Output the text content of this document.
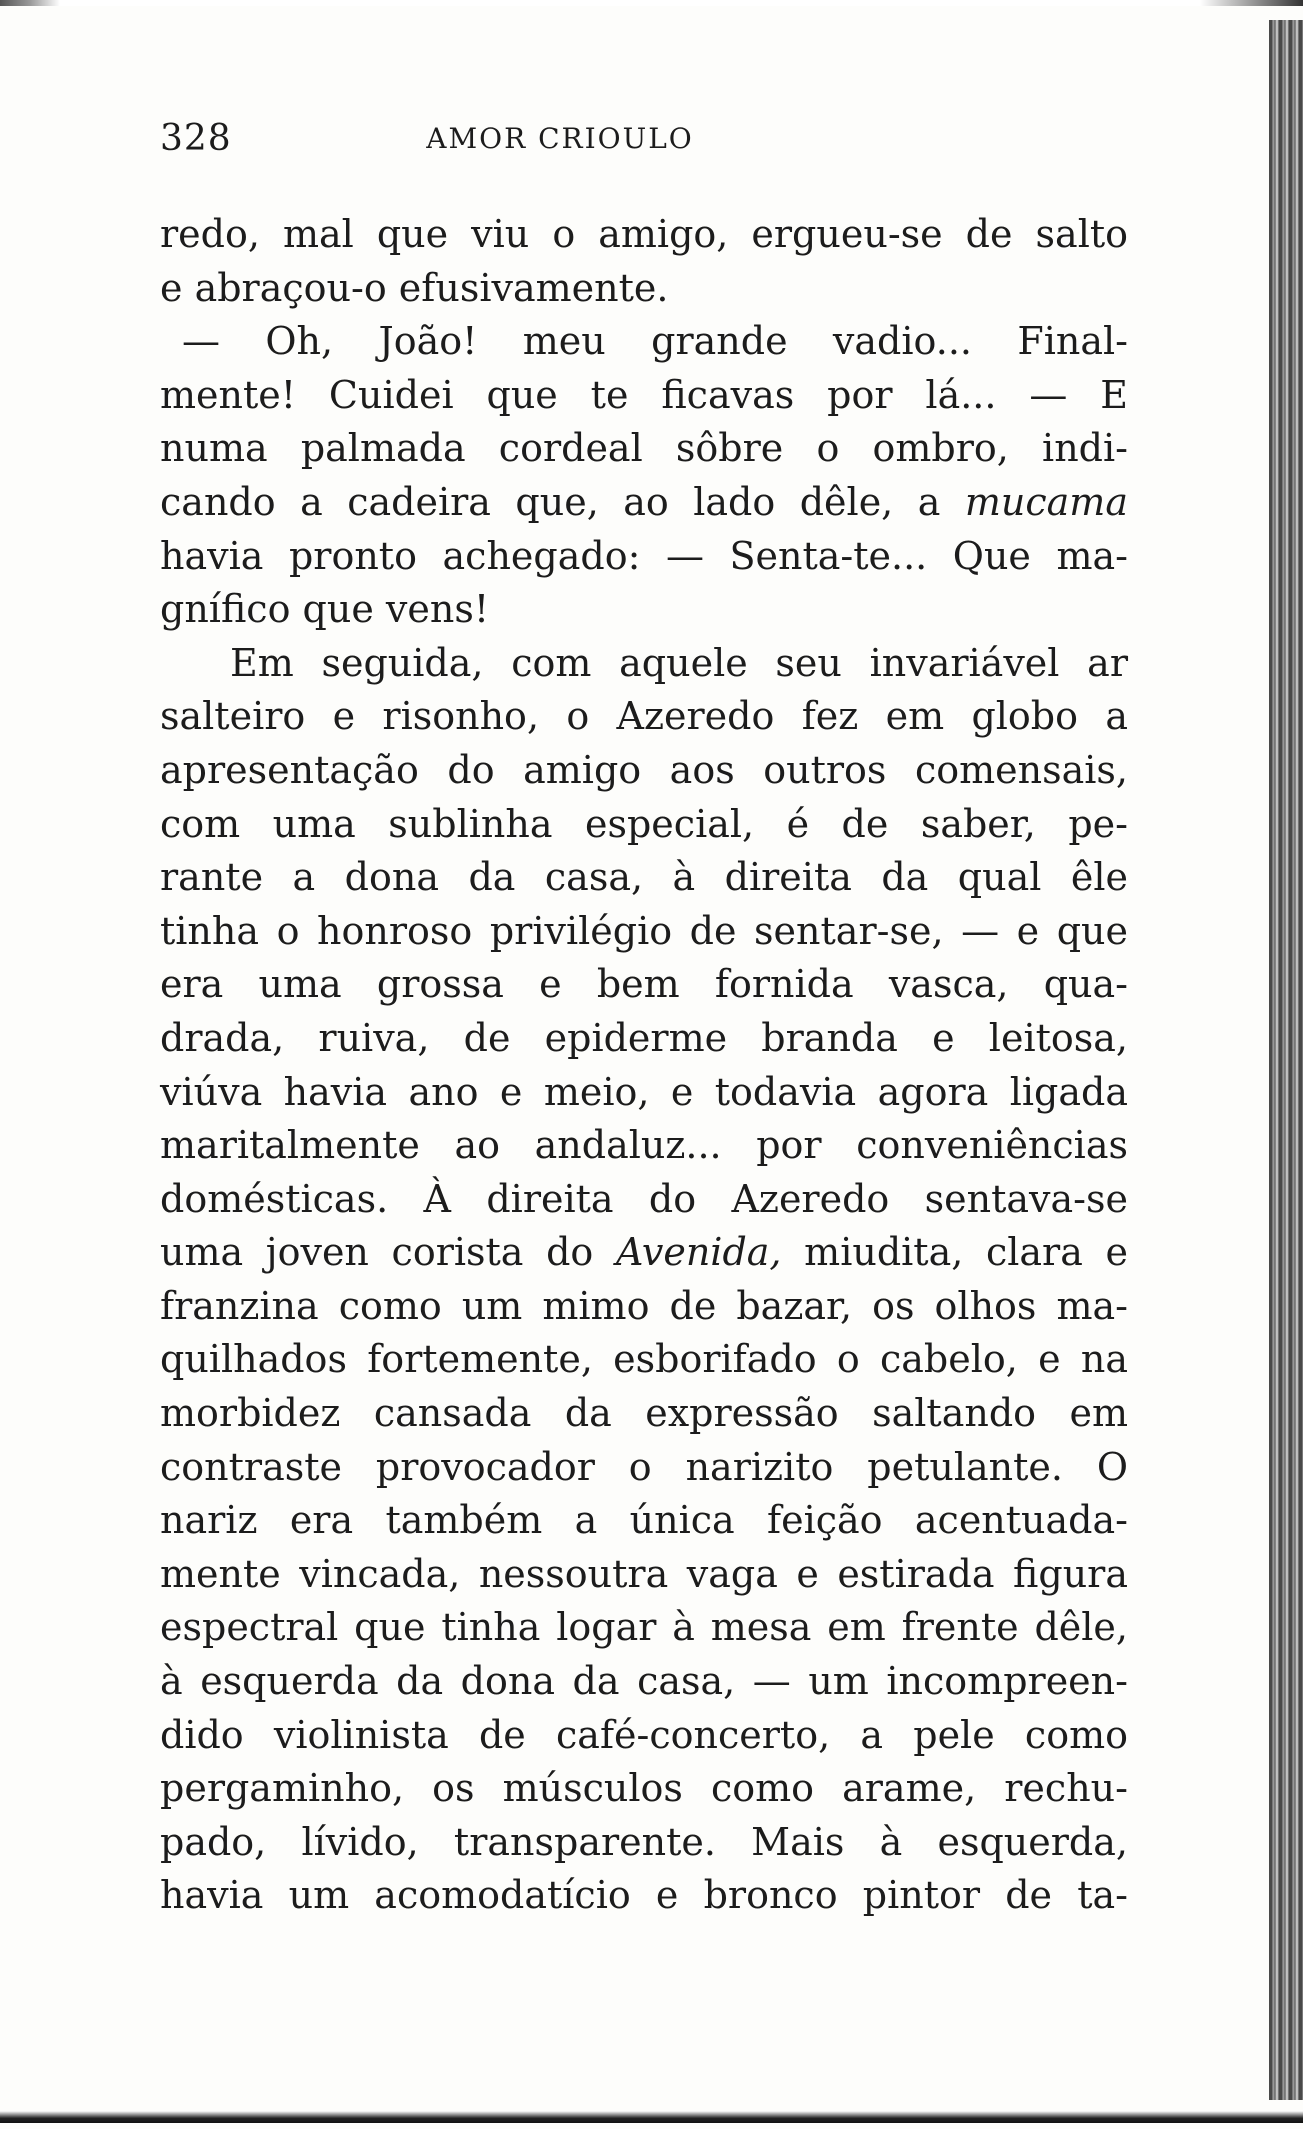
328	AMOR CRIOULO
redo, mal que viu o amigo, ergueu-se de salto
e abraçou-o efusivamente.
— Oh, João! meu grande vadio... Final-
mente! Cuidei que te ficavas por lá... — E
numa palmada cordeal sôbre o ombro, indi-
cando a cadeira que, ao lado dêle, a mucama
havia pronto achegado: — Senta-te... Que ma-
gnífico que vens!
Em seguida, com aquele seu invariável ar
salteiro e risonho, o Azeredo fez em globo a
apresentação do amigo aos outros comensais,
com uma sublinha especial, é de saber, pe-
rante a dona da casa, à direita da qual êle
tinha o honroso privilégio de sentar-se, — e que
era uma grossa e bem fornida vasca, qua-
drada, ruiva, de epiderme branda e leitosa,
viúva havia ano e meio, e todavia agora ligada
maritalmente ao andaluz... por conveniências
domésticas. À direita do Azeredo sentava-se
uma joven corista do Avenida, miudita, clara e
franzina como um mimo de bazar, os olhos ma-
quilhados fortemente, esborifado o cabelo, e na
morbidez cansada da expressão saltando em
contraste provocador o narizito petulante. O
nariz era também a única feição acentuada-
mente vincada, nessoutra vaga e estirada figura
espectral que tinha logar à mesa em frente dêle,
à esquerda da dona da casa, — um incompreen-
dido violinista de café-concerto, a pele como
pergaminho, os músculos como arame, rechu-
pado, lívido, transparente. Mais à esquerda,
havia um acomodatício e bronco pintor de ta-
